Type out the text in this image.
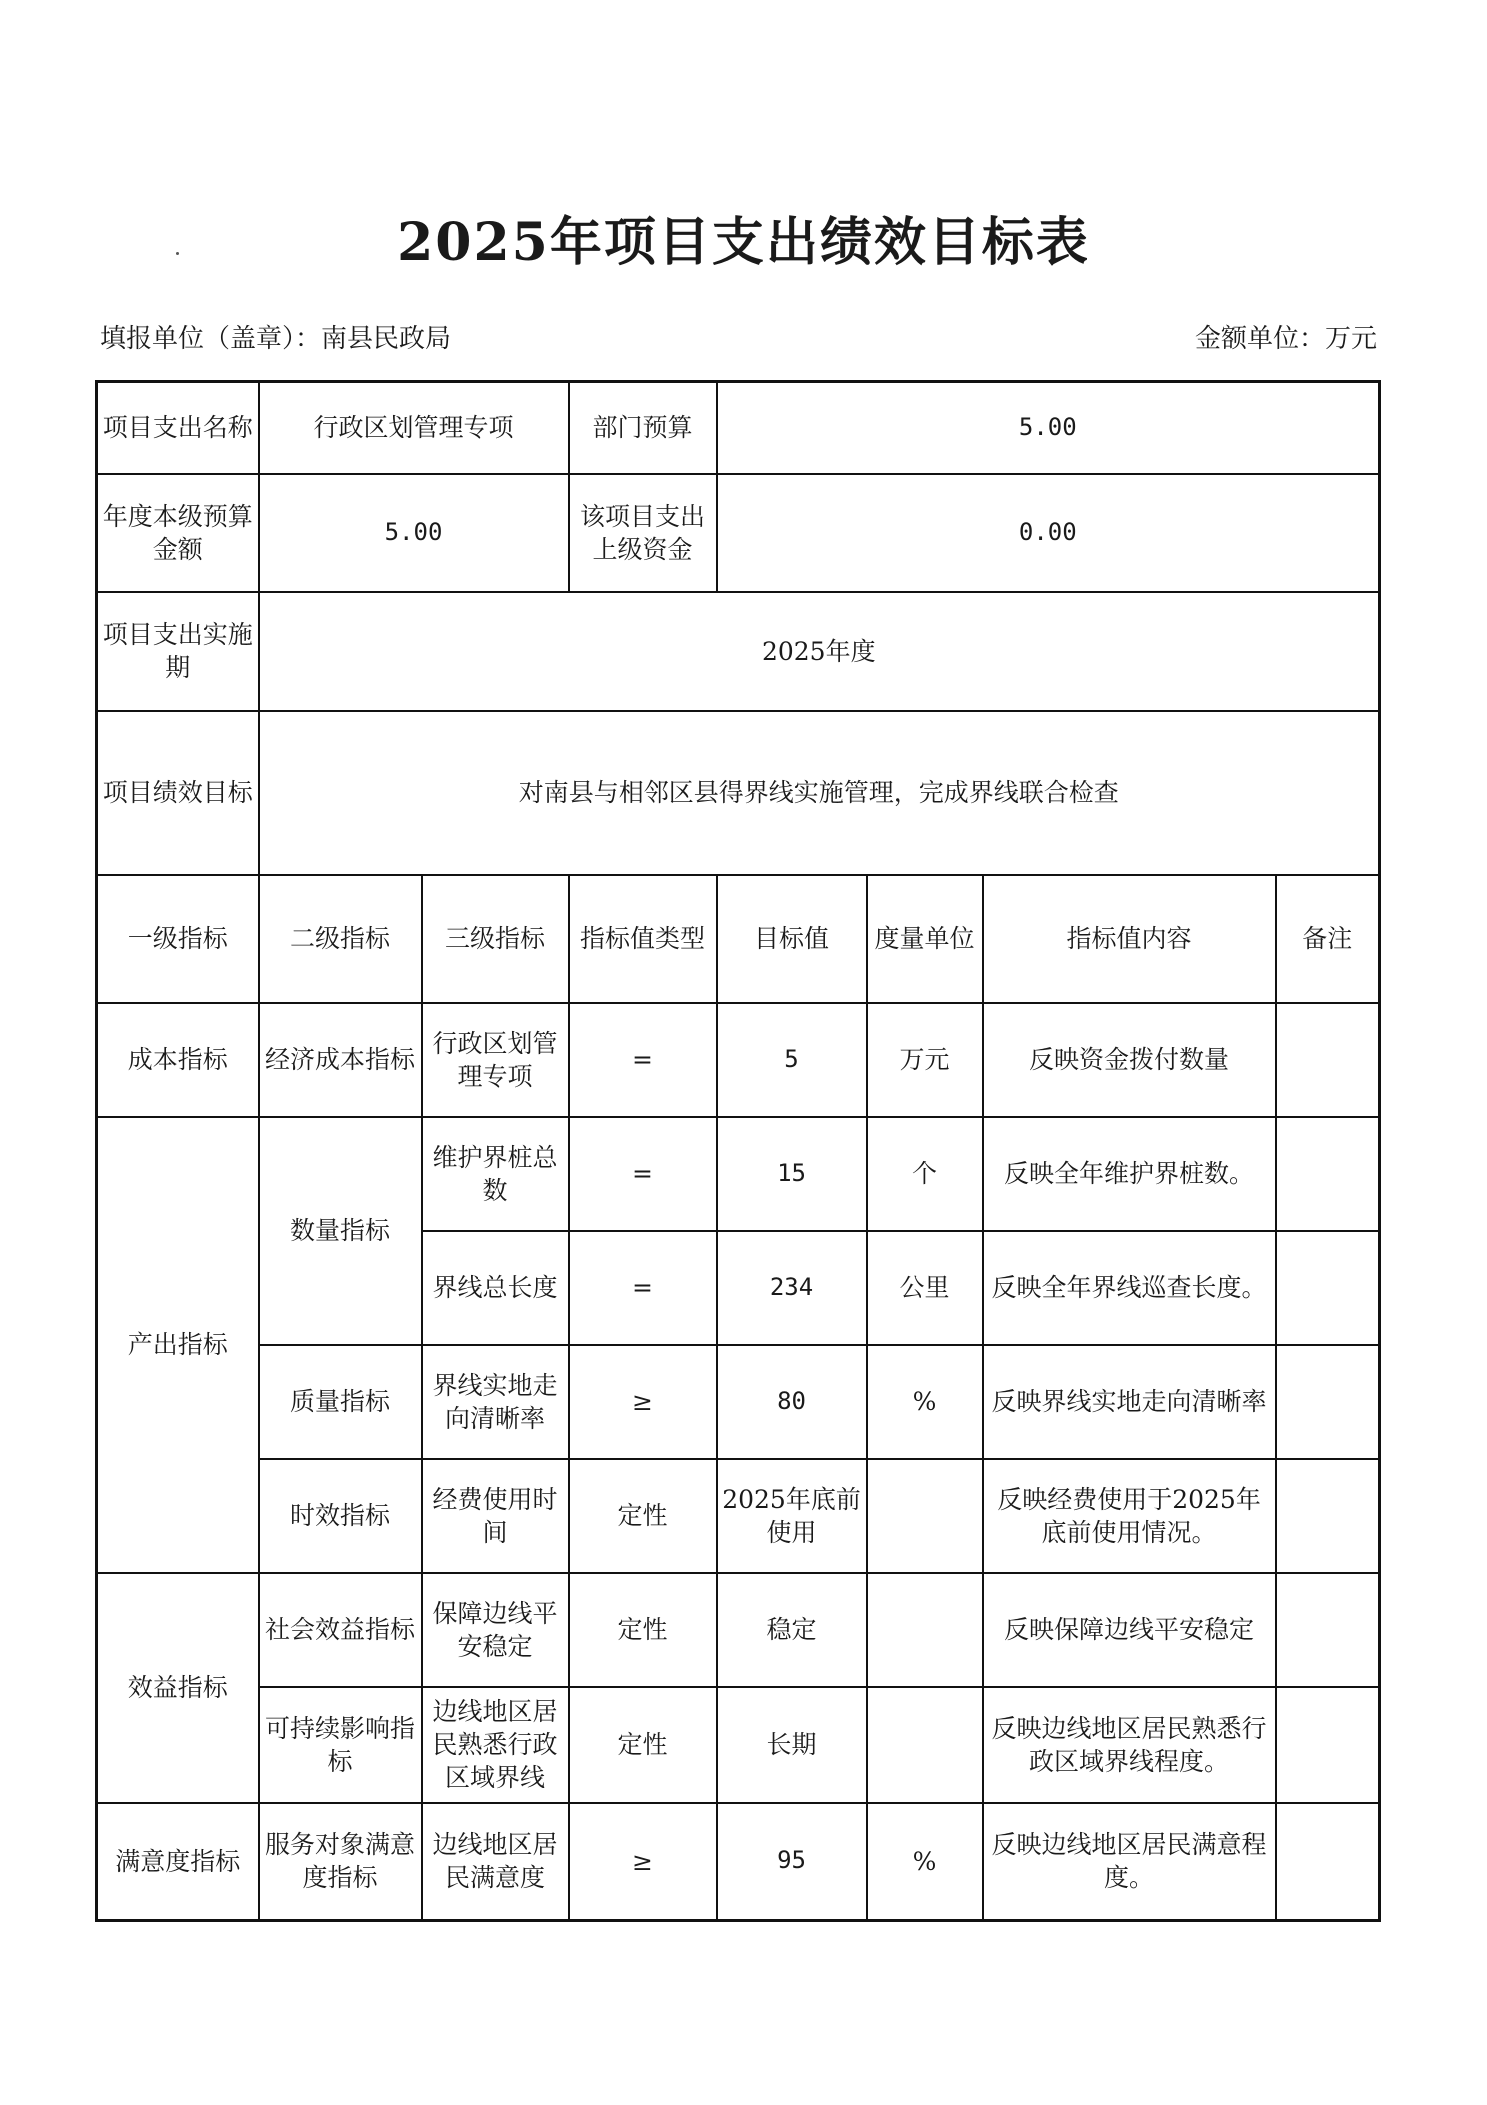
2025年项目支出绩效目标表
填报单位（盖章）：南县民政局	金额单位：万元
项目支出名称	行政区划管理专项		部门预算	5.00			
年度本级预算金额	5.00		该项目支出上级资金	0.00			
项目支出实施期	2025年度						
项目绩效目标	对南县与相邻区县得界线实施管理，完成界线联合检查						
一级指标	二级指标	三级指标	指标值类型	目标值	度量单位	指标值内容	备注
成本指标	经济成本指标	行政区划管理专项	=	5	万元	反映资金拨付数量	
产出指标	数量指标	维护界桩总数	=	15	个	反映全年维护界桩数。	
		界线总长度	=	234	公里	反映全年界线巡查长度。	
	质量指标	界线实地走向清晰率	≥	80	%	反映界线实地走向清晰率	
	时效指标	经费使用时间	定性	2025年底前使用		反映经费使用于2025年底前使用情况。	
效益指标	社会效益指标	保障边线平安稳定	定性	稳定		反映保障边线平安稳定	
	可持续影响指标	边线地区居民熟悉行政区域界线	定性	长期		反映边线地区居民熟悉行政区域界线程度。	
满意度指标	服务对象满意度指标	边线地区居民满意度	≥	95	%	反映边线地区居民满意程度。	
